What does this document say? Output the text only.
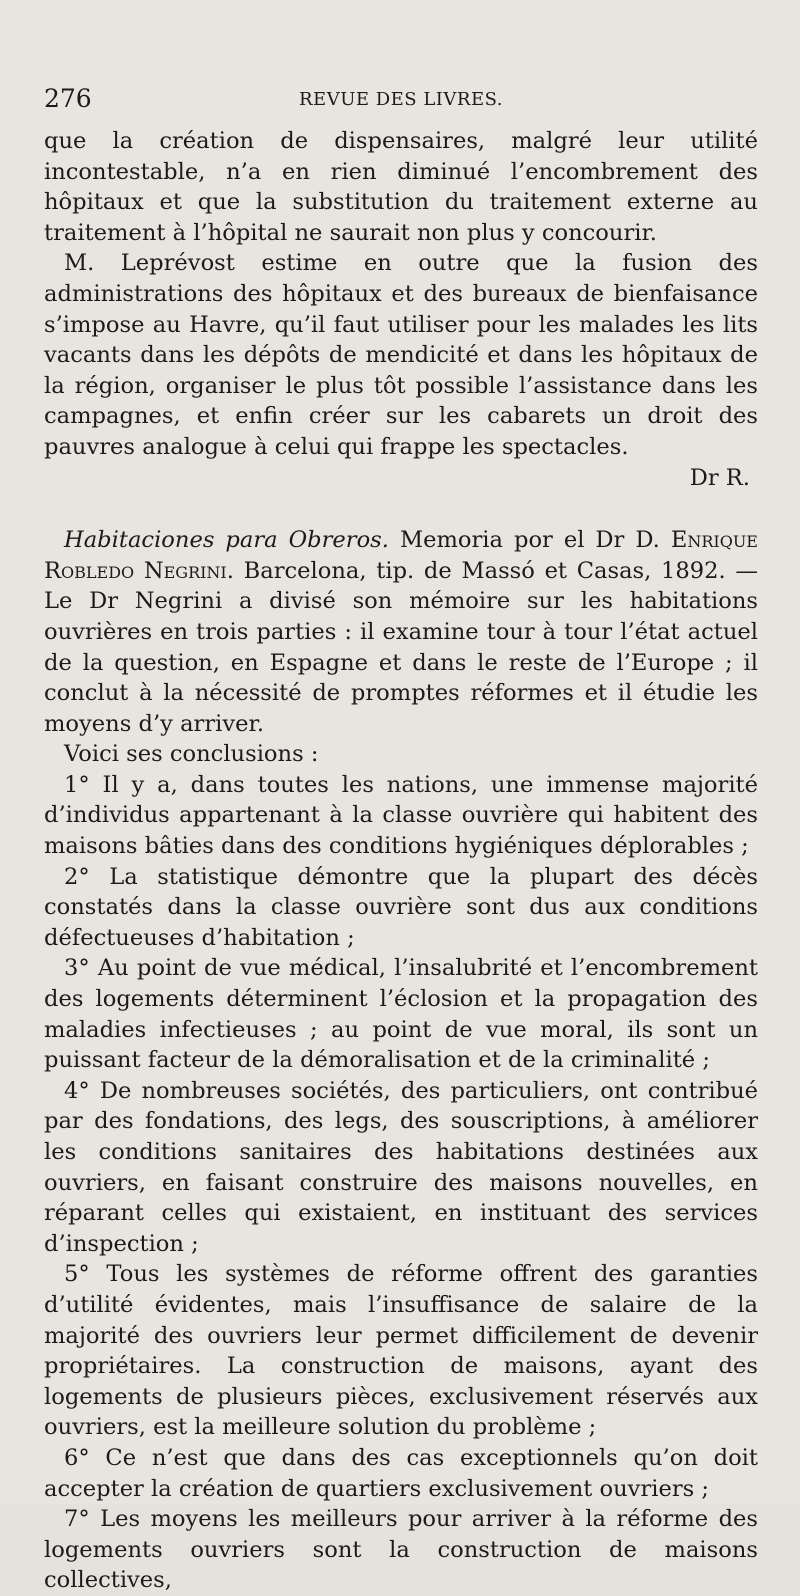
276	REVUE DES LIVRES.

que la création de dispensaires, malgré leur utilité incontestable, n’a en rien diminué l’encombrement des hôpitaux et que la substitution du traitement externe au traitement à l’hôpital ne saurait non plus y concourir.

M. Leprévost estime en outre que la fusion des administrations des hôpitaux et des bureaux de bienfaisance s’impose au Havre, qu’il faut utiliser pour les malades les lits vacants dans les dépôts de mendicité et dans les hôpitaux de la région, organiser le plus tôt possible l’assistance dans les campagnes, et enfin créer sur les cabarets un droit des pauvres analogue à celui qui frappe les spectacles.

Dr R.

Habitaciones para Obreros. Memoria por el Dr D. Enrique Robledo Negrini. Barcelona, tip. de Massó et Casas, 1892. — Le Dr Negrini a divisé son mémoire sur les habitations ouvrières en trois parties : il examine tour à tour l’état actuel de la question, en Espagne et dans le reste de l’Europe ; il conclut à la nécessité de promptes réformes et il étudie les moyens d’y arriver.

Voici ses conclusions :

1° Il y a, dans toutes les nations, une immense majorité d’individus appartenant à la classe ouvrière qui habitent des maisons bâties dans des conditions hygiéniques déplorables ;

2° La statistique démontre que la plupart des décès constatés dans la classe ouvrière sont dus aux conditions défectueuses d’habitation ;

3° Au point de vue médical, l’insalubrité et l’encombrement des logements déterminent l’éclosion et la propagation des maladies infectieuses ; au point de vue moral, ils sont un puissant facteur de la démoralisation et de la criminalité ;

4° De nombreuses sociétés, des particuliers, ont contribué par des fondations, des legs, des souscriptions, à améliorer les conditions sanitaires des habitations destinées aux ouvriers, en faisant construire des maisons nouvelles, en réparant celles qui existaient, en instituant des services d’inspection ;

5° Tous les systèmes de réforme offrent des garanties d’utilité évidentes, mais l’insuffisance de salaire de la majorité des ouvriers leur permet difficilement de devenir propriétaires. La construction de maisons, ayant des logements de plusieurs pièces, exclusivement réservés aux ouvriers, est la meilleure solution du problème ;

6° Ce n’est que dans des cas exceptionnels qu’on doit accepter la création de quartiers exclusivement ouvriers ;

7° Les moyens les meilleurs pour arriver à la réforme des logements ouvriers sont la construction de maisons collectives,
